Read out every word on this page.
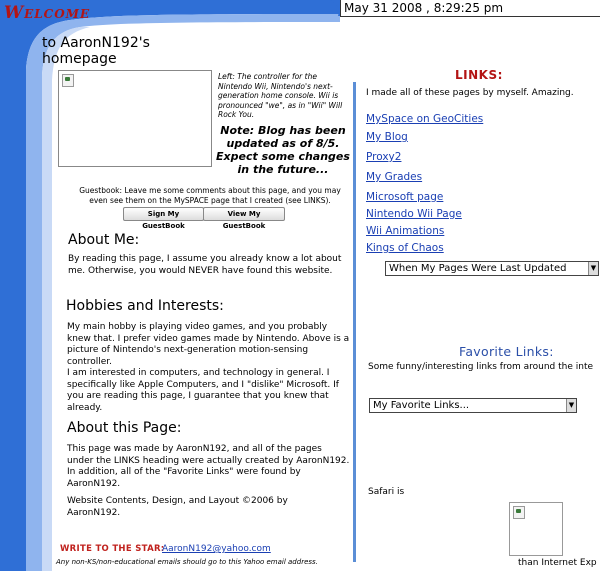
Welcome	May 31 2008 , 8:29:25 pm
to AaronN192's homepage
Left: The controller for the Nintendo Wii, Nintendo's next-generation home console. Wii is pronounced "we", as in "Wii" Will Rock You.
Note: Blog has been updated as of 8/5. Expect some changes in the future...
Guestbook: Leave me some comments about this page, and you may even see them on the MySPACE page that I created (see LINKS).
Sign My GuestBook
View My GuestBook
About Me:
By reading this page, I assume you already know a lot about me. Otherwise, you would NEVER have found this website.
Hobbies and Interests:
My main hobby is playing video games, and you probably knew that. I prefer video games made by Nintendo. Above is a picture of Nintendo's next-generation motion-sensing controller.
I am interested in computers, and technology in general. I specifically like Apple Computers, and I "dislike" Microsoft. If you are reading this page, I guarantee that you knew that already.
About this Page:
This page was made by AaronN192, and all of the pages under the LINKS heading were actually created by AaronN192. In addition, all of the "Favorite Links" were found by AaronN192.
Website Contents, Design, and Layout ©2006 by AaronN192.
WRITE TO THE STAR:
AaronN192@yahoo.com
Any non-KS/non-educational emails should go to this Yahoo email address.
LINKS:
I made all of these pages by myself. Amazing.
MySpace on GeoCities
My Blog
Proxy2
My Grades
Microsoft page
Nintendo Wii Page
Wii Animations
Kings of Chaos
When My Pages Were Last Updated	▼
Favorite Links:
Some funny/interesting links from around the inte
My Favorite Links...	▼
Safari is
than Internet Exp
